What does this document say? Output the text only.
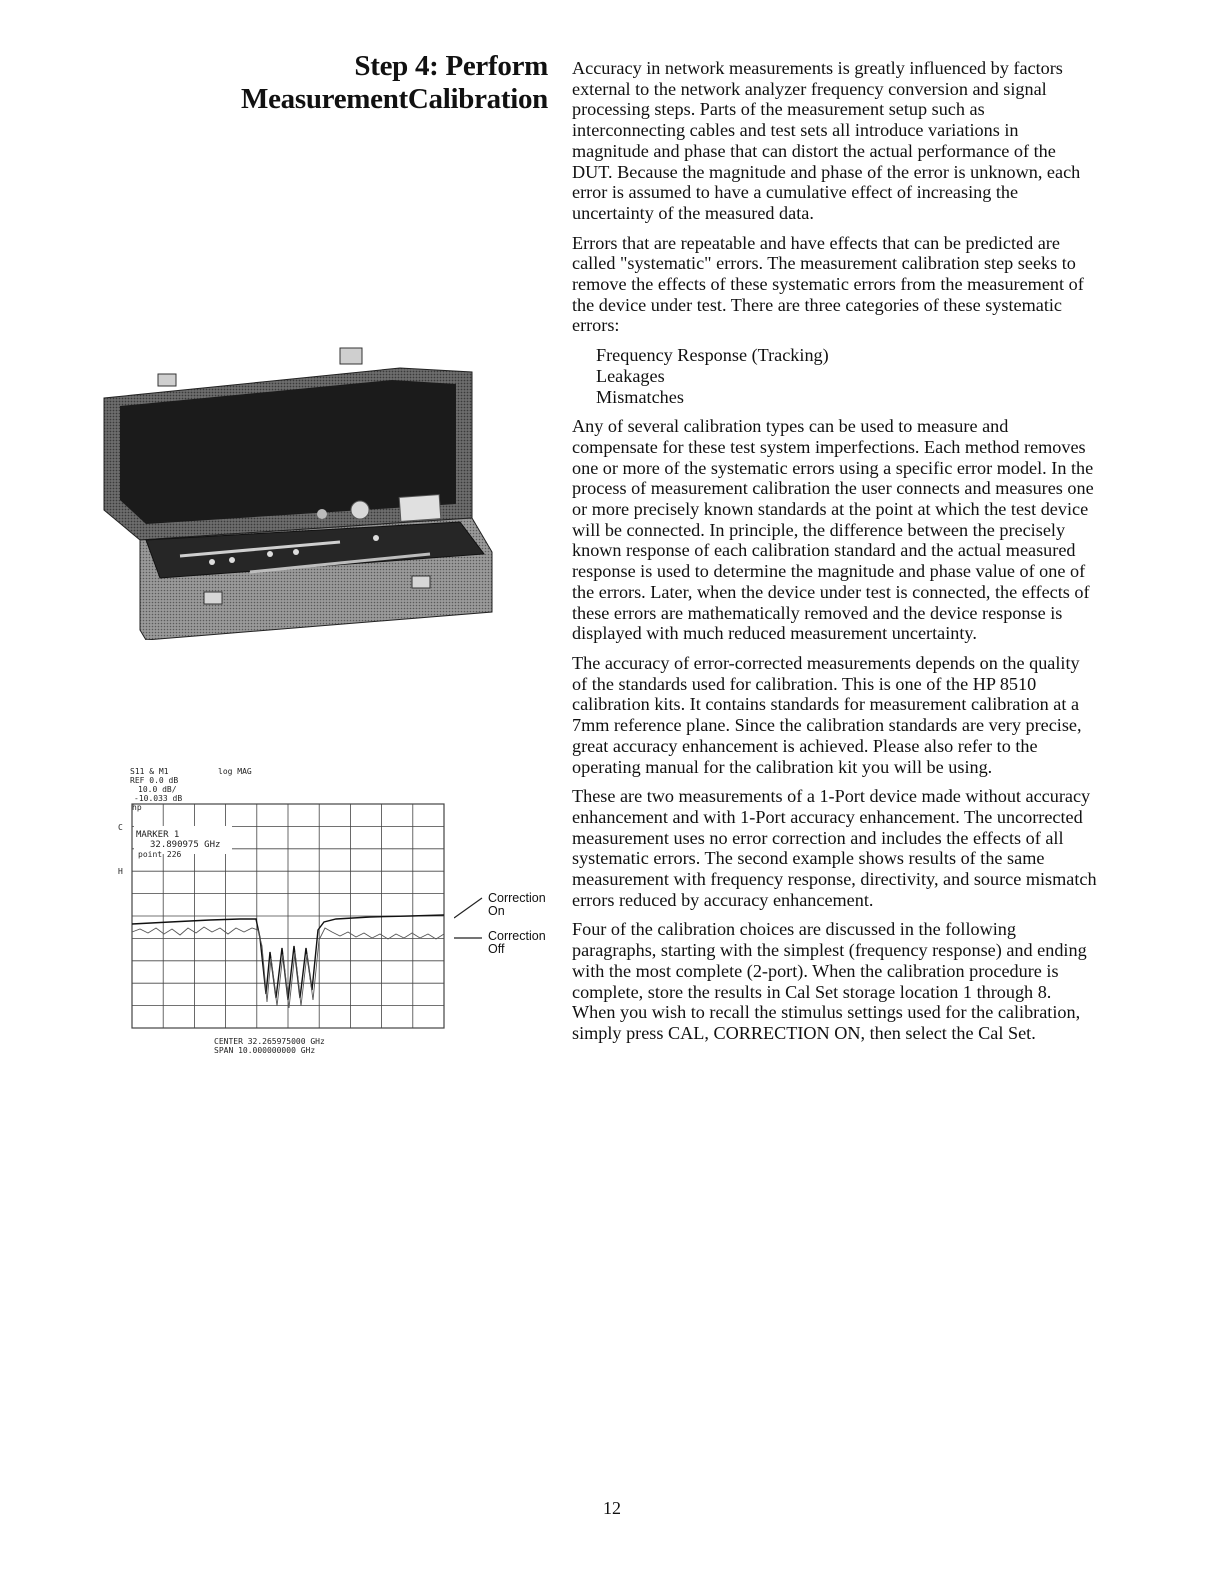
Step 4: Perform
MeasurementCalibration

Accuracy in network measurements is greatly influenced by factors external to the network analyzer frequency conversion and signal processing steps. Parts of the measurement setup such as interconnecting cables and test sets all introduce variations in magnitude and phase that can distort the actual performance of the DUT. Because the magnitude and phase of the error is unknown, each error is assumed to have a cumulative effect of increasing the uncertainty of the measured data.

Errors that are repeatable and have effects that can be predicted are called "systematic" errors. The measurement calibration step seeks to remove the effects of these systematic errors from the measurement of the device under test. There are three categories of these systematic errors:

Frequency Response (Tracking)
Leakages
Mismatches

Any of several calibration types can be used to measure and compensate for these test system imperfections. Each method removes one or more of the systematic errors using a specific error model. In the process of measurement calibration the user connects and measures one or more precisely known standards at the point at which the test device will be connected. In principle, the difference between the precisely known response of each calibration standard and the actual measured response is used to determine the magnitude and phase value of one of the errors. Later, when the device under test is connected, the effects of these errors are mathematically removed and the device response is displayed with much reduced measurement uncertainty.

The accuracy of error-corrected measurements depends on the quality of the standards used for calibration. This is one of the HP 8510 calibration kits. It contains standards for measurement calibration at a 7mm reference plane. Since the calibration standards are very precise, great accuracy enhancement is achieved. Please also refer to the operating manual for the calibration kit you will be using.

These are two measurements of a 1-Port device made without accuracy enhancement and with 1-Port accuracy enhancement. The uncorrected measurement uses no error correction and includes the effects of all systematic errors. The second example shows results of the same measurement with frequency response, directivity, and source mismatch errors reduced by accuracy enhancement.

Four of the calibration choices are discussed in the following paragraphs, starting with the simplest (frequency response) and ending with the most complete (2-port). When the calibration procedure is complete, store the results in Cal Set storage location 1 through 8. When you wish to recall the stimulus settings used for the calibration, simply press CAL, CORRECTION ON, then select the Cal Set.

S11 & M1	log MAG
REF 0.0 dB
10.0 dB/
-10.033 dB
hp
C
H
MARKER 1
32.890975 GHz
point 226
CENTER 32.265975000 GHz
SPAN 10.000000000 GHz
Correction
On
Correction
Off
12
